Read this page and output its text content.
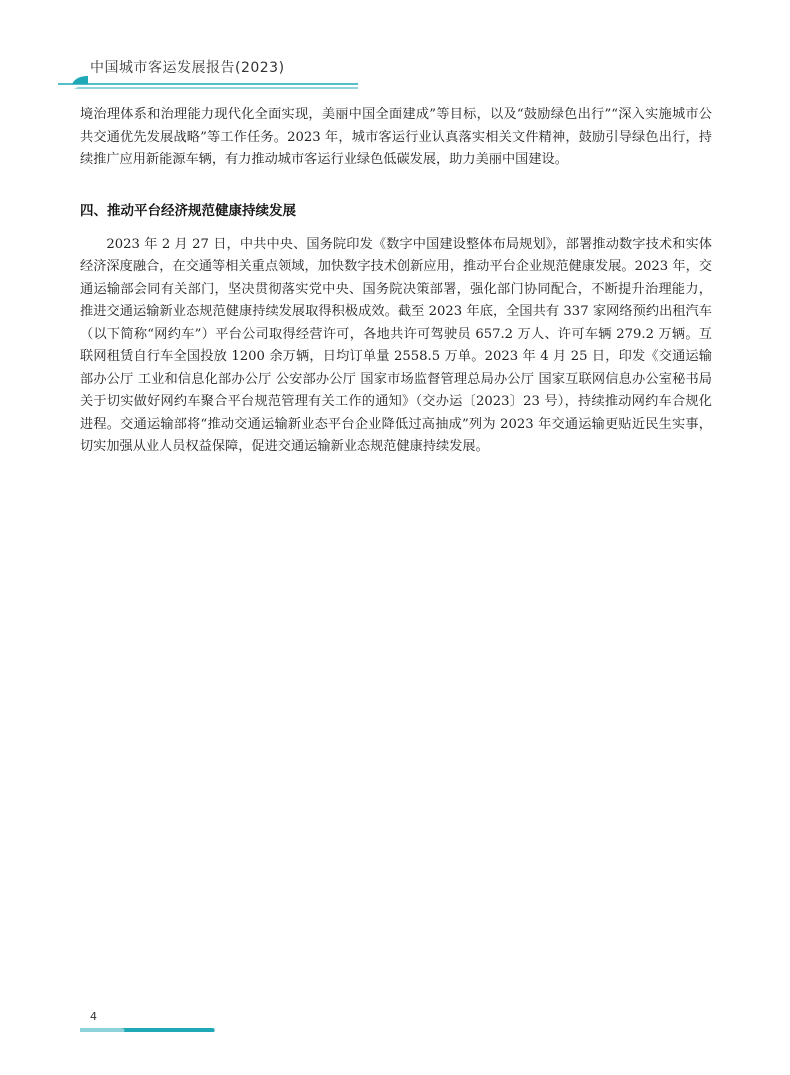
中国城市客运发展报告(2023)

境治理体系和治理能力现代化全面实现，美丽中国全面建成”等目标，以及“鼓励绿色出行”“深入实施城市公共交通优先发展战略”等工作任务。2023 年，城市客运行业认真落实相关文件精神，鼓励引导绿色出行，持续推广应用新能源车辆，有力推动城市客运行业绿色低碳发展，助力美丽中国建设。

四、推动平台经济规范健康持续发展

2023 年 2 月 27 日，中共中央、国务院印发《数字中国建设整体布局规划》，部署推动数字技术和实体经济深度融合，在交通等相关重点领域，加快数字技术创新应用，推动平台企业规范健康发展。2023 年，交通运输部会同有关部门，坚决贯彻落实党中央、国务院决策部署，强化部门协同配合，不断提升治理能力，推进交通运输新业态规范健康持续发展取得积极成效。截至 2023 年底，全国共有 337 家网络预约出租汽车（以下简称“网约车”）平台公司取得经营许可，各地共许可驾驶员 657.2 万人、许可车辆 279.2 万辆。互联网租赁自行车全国投放 1200 余万辆，日均订单量 2558.5 万单。2023 年 4 月 25 日，印发《交通运输部办公厅 工业和信息化部办公厅 公安部办公厅 国家市场监督管理总局办公厅 国家互联网信息办公室秘书局关于切实做好网约车聚合平台规范管理有关工作的通知》（交办运〔2023〕23 号），持续推动网约车合规化进程。交通运输部将“推动交通运输新业态平台企业降低过高抽成”列为 2023 年交通运输更贴近民生实事，切实加强从业人员权益保障，促进交通运输新业态规范健康持续发展。

4
